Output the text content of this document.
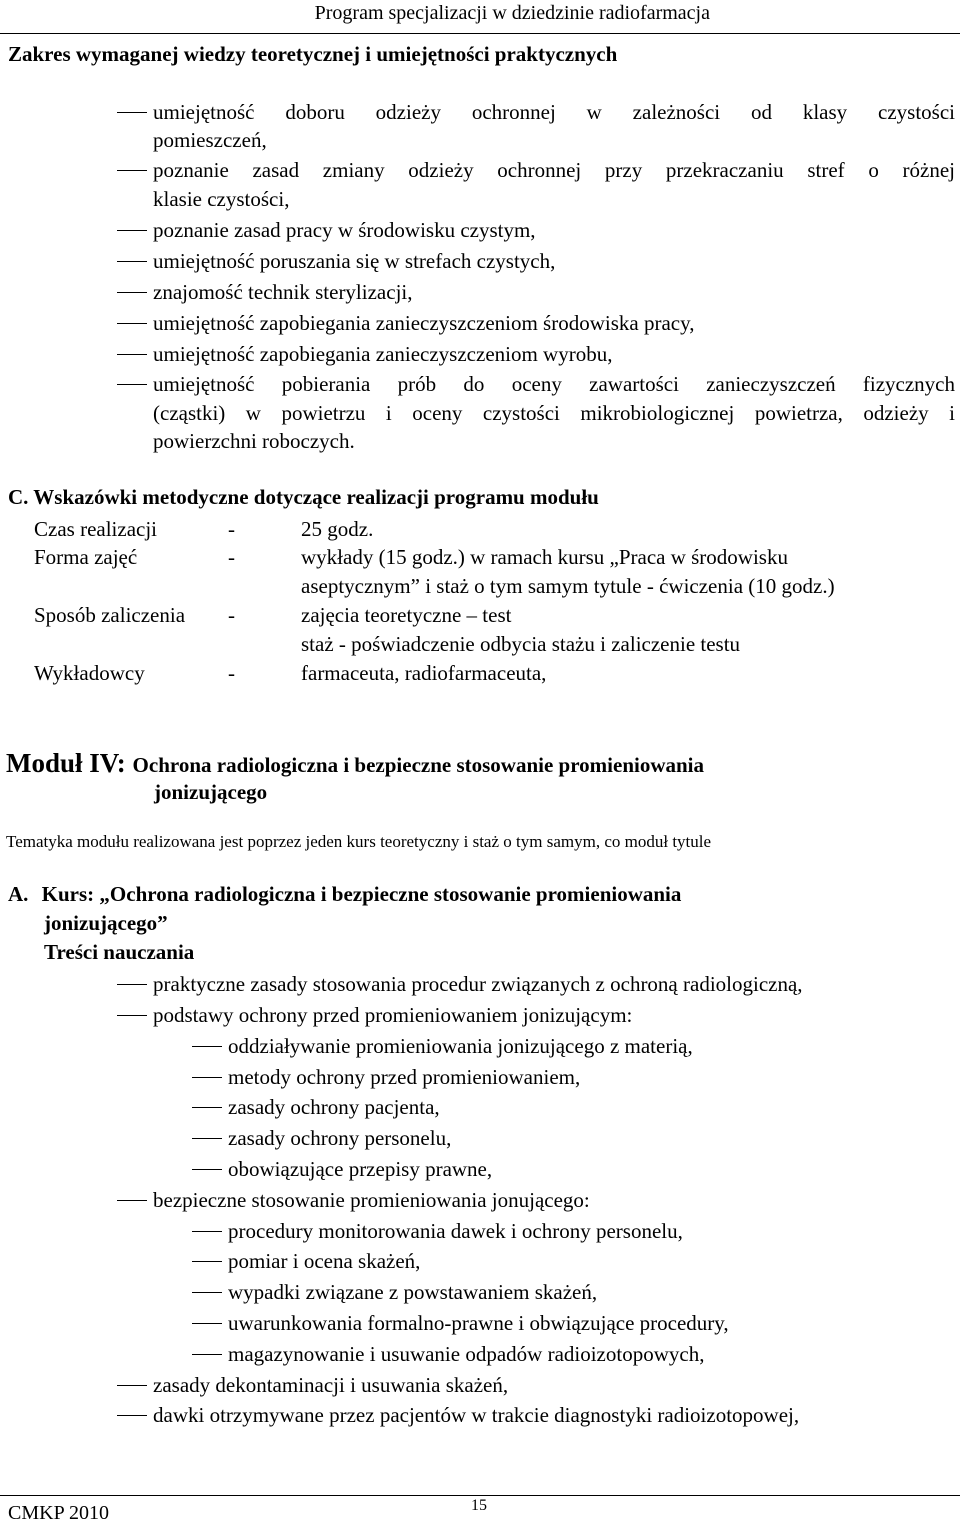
Program specjalizacji w dziedzinie radiofarmacja
Zakres wymaganej wiedzy teoretycznej i umiejętności praktycznych
umiejętność doboru odzieży ochronnej w zależności od klasy czystości
pomieszczeń,
poznanie zasad zmiany odzieży ochronnej przy przekraczaniu stref o różnej
klasie czystości,
poznanie zasad pracy w środowisku czystym,
umiejętność poruszania się w strefach czystych,
znajomość technik sterylizacji,
umiejętność zapobiegania zanieczyszczeniom środowiska pracy,
umiejętność zapobiegania zanieczyszczeniom wyrobu,
umiejętność pobierania prób do oceny zawartości zanieczyszczeń fizycznych
(cząstki) w powietrzu i oceny czystości mikrobiologicznej powietrza, odzieży i
powierzchni roboczych.
C. Wskazówki metodyczne dotyczące realizacji programu modułu
Czas realizacji	-	25 godz.
Forma zajęć	-	wykłady (15 godz.) w ramach kursu „Praca w środowisku
aseptycznym” i staż o tym samym tytule - ćwiczenia (10 godz.)
Sposób zaliczenia -	zajęcia teoretyczne – test
staż - poświadczenie odbycia stażu i zaliczenie testu
Wykładowcy	-	farmaceuta, radiofarmaceuta,
Moduł IV: Ochrona radiologiczna i bezpieczne stosowanie promieniowania
jonizującego
Tematyka modułu realizowana jest poprzez jeden kurs teoretyczny i staż o tym samym, co moduł tytule
A. Kurs: „Ochrona radiologiczna i bezpieczne stosowanie promieniowania
jonizującego”
Treści nauczania
praktyczne zasady stosowania procedur związanych z ochroną radiologiczną,
podstawy ochrony przed promieniowaniem jonizującym:
oddziaływanie promieniowania jonizującego z materią,
metody ochrony przed promieniowaniem,
zasady ochrony pacjenta,
zasady ochrony personelu,
obowiązujące przepisy prawne,
bezpieczne stosowanie promieniowania jonującego:
procedury monitorowania dawek i ochrony personelu,
pomiar i ocena skażeń,
wypadki związane z powstawaniem skażeń,
uwarunkowania formalno-prawne i obwiązujące procedury,
magazynowanie i usuwanie odpadów radioizotopowych,
zasady dekontaminacji i usuwania skażeń,
dawki otrzymywane przez pacjentów w trakcie diagnostyki radioizotopowej,
CMKP 2010	15
